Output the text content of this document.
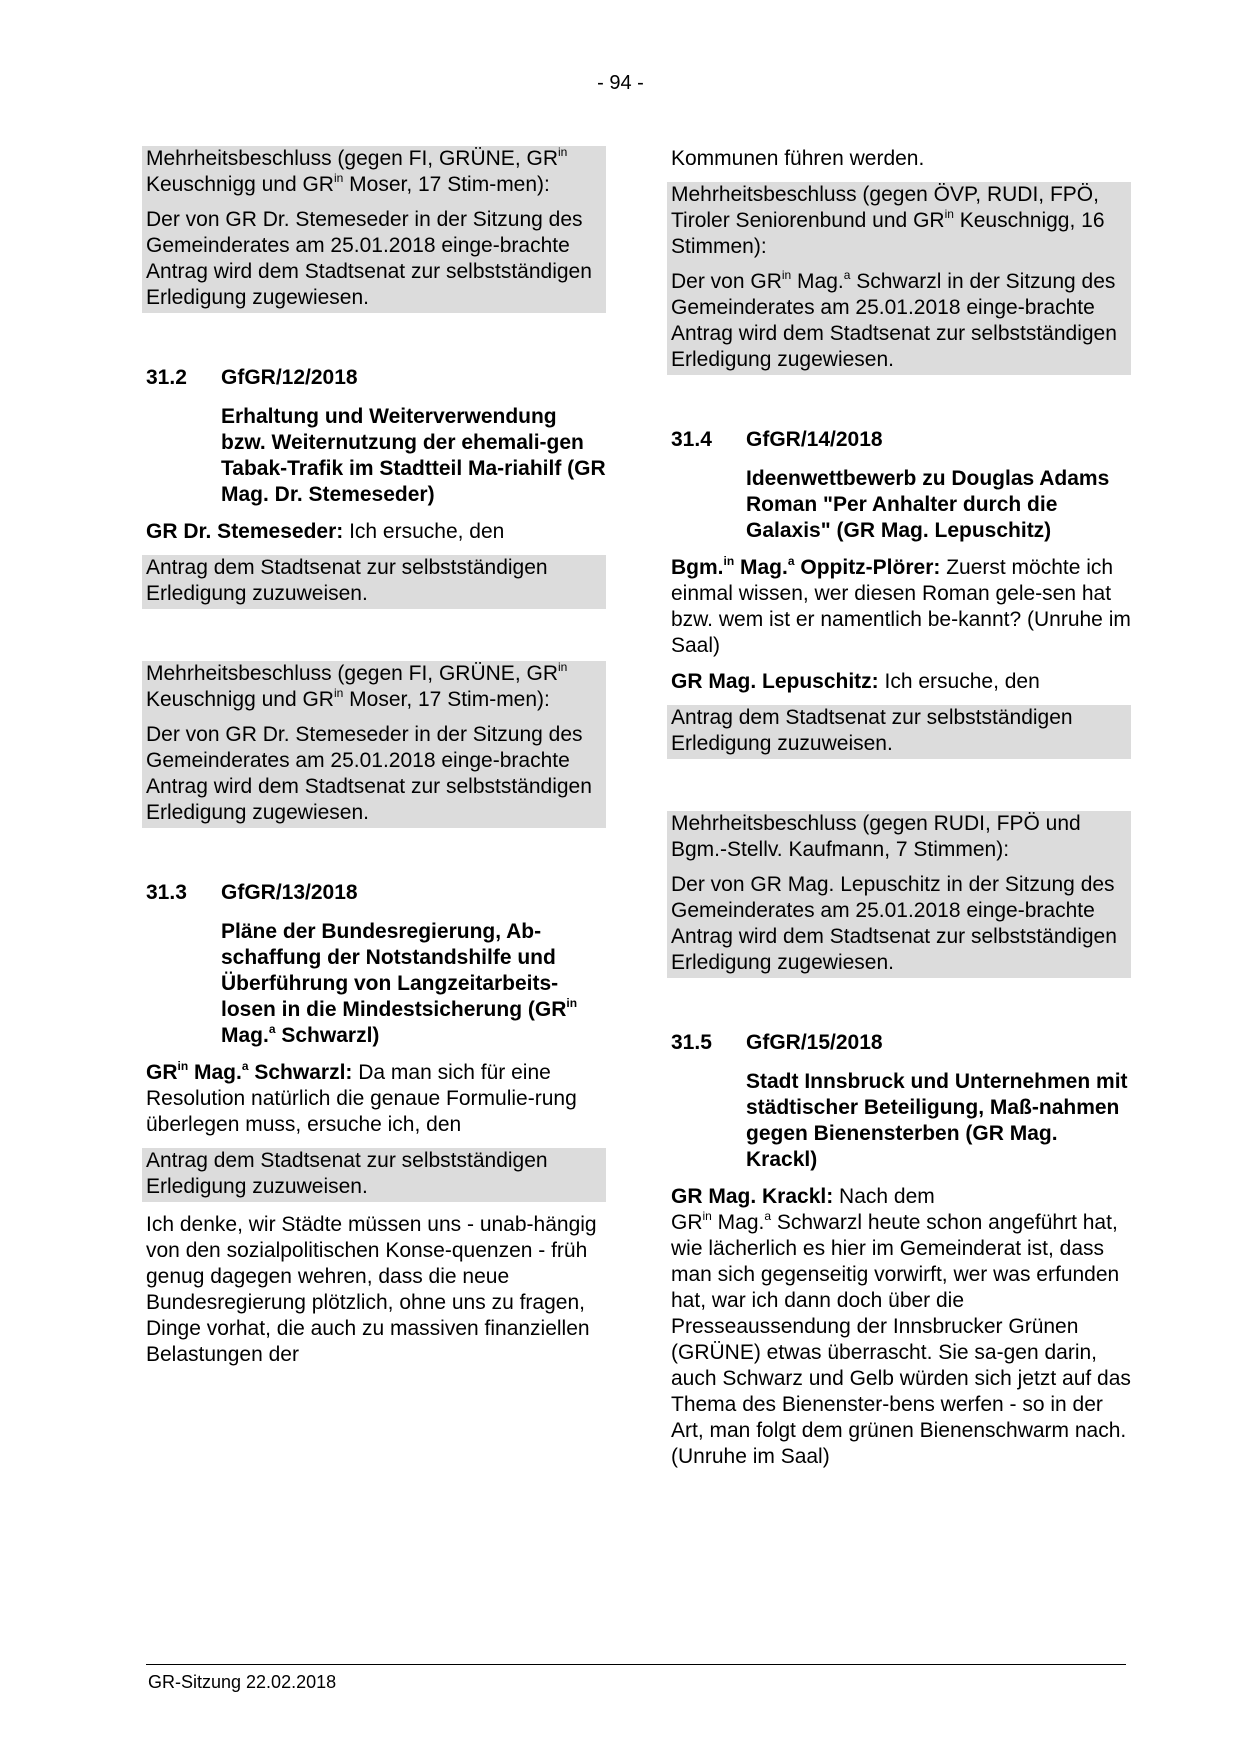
- 94 -

Mehrheitsbeschluss (gegen FI, GRÜNE, $GR^{in}$ Keuschnigg und $GR^{in}$ Moser, 17 Stim-men):

Der von GR Dr. Stemeseder in der Sitzung des Gemeinderates am 25.01.2018 einge-brachte Antrag wird dem Stadtsenat zur selbstständigen Erledigung zugewiesen.

31.2	GfGR/12/2018

Erhaltung und Weiterverwendung bzw. Weiternutzung der ehemali-gen Tabak-Trafik im Stadtteil Ma-riahilf (GR Mag. Dr. Stemeseder)

GR Dr. Stemeseder: Ich ersuche, den

Antrag dem Stadtsenat zur selbstständigen Erledigung zuzuweisen.

Mehrheitsbeschluss (gegen FI, GRÜNE, $GR^{in}$ Keuschnigg und $GR^{in}$ Moser, 17 Stim-men):

Der von GR Dr. Stemeseder in der Sitzung des Gemeinderates am 25.01.2018 einge-brachte Antrag wird dem Stadtsenat zur selbstständigen Erledigung zugewiesen.

31.3	GfGR/13/2018

Pläne der Bundesregierung, Ab-schaffung der Notstandshilfe und Überführung von Langzeitarbeits-losen in die Mindestsicherung ($GR^{in}$ Mag.$^a$ Schwarzl)

$GR^{in}$ Mag.$^a$ Schwarzl: Da man sich für eine Resolution natürlich die genaue Formulie-rung überlegen muss, ersuche ich, den

Antrag dem Stadtsenat zur selbstständigen Erledigung zuzuweisen.

Ich denke, wir Städte müssen uns - unab-hängig von den sozialpolitischen Konse-quenzen - früh genug dagegen wehren, dass die neue Bundesregierung plötzlich, ohne uns zu fragen, Dinge vorhat, die auch zu massiven finanziellen Belastungen der

Kommunen führen werden.

Mehrheitsbeschluss (gegen ÖVP, RUDI, FPÖ, Tiroler Seniorenbund und $GR^{in}$ Keuschnigg, 16 Stimmen):

Der von $GR^{in}$ Mag.$^a$ Schwarzl in der Sitzung des Gemeinderates am 25.01.2018 einge-brachte Antrag wird dem Stadtsenat zur selbstständigen Erledigung zugewiesen.

31.4	GfGR/14/2018

Ideenwettbewerb zu Douglas Adams Roman "Per Anhalter durch die Galaxis" (GR Mag. Lepuschitz)

Bgm.$^{in}$ Mag.$^a$ Oppitz-Plörer: Zuerst möchte ich einmal wissen, wer diesen Roman gele-sen hat bzw. wem ist er namentlich be-kannt? (Unruhe im Saal)

GR Mag. Lepuschitz: Ich ersuche, den

Antrag dem Stadtsenat zur selbstständigen Erledigung zuzuweisen.

Mehrheitsbeschluss (gegen RUDI, FPÖ und Bgm.-Stellv. Kaufmann, 7 Stimmen):

Der von GR Mag. Lepuschitz in der Sitzung des Gemeinderates am 25.01.2018 einge-brachte Antrag wird dem Stadtsenat zur selbstständigen Erledigung zugewiesen.

31.5	GfGR/15/2018

Stadt Innsbruck und Unternehmen mit städtischer Beteiligung, Maß-nahmen gegen Bienensterben (GR Mag. Krackl)

GR Mag. Krackl: Nach dem
$GR^{in}$ Mag.$^a$ Schwarzl heute schon angeführt hat, wie lächerlich es hier im Gemeinderat ist, dass man sich gegenseitig vorwirft, wer was erfunden hat, war ich dann doch über die Presseaussendung der Innsbrucker Grünen (GRÜNE) etwas überrascht. Sie sa-gen darin, auch Schwarz und Gelb würden sich jetzt auf das Thema des Bienenster-bens werfen - so in der Art, man folgt dem grünen Bienenschwarm nach. (Unruhe im Saal)

GR-Sitzung 22.02.2018
